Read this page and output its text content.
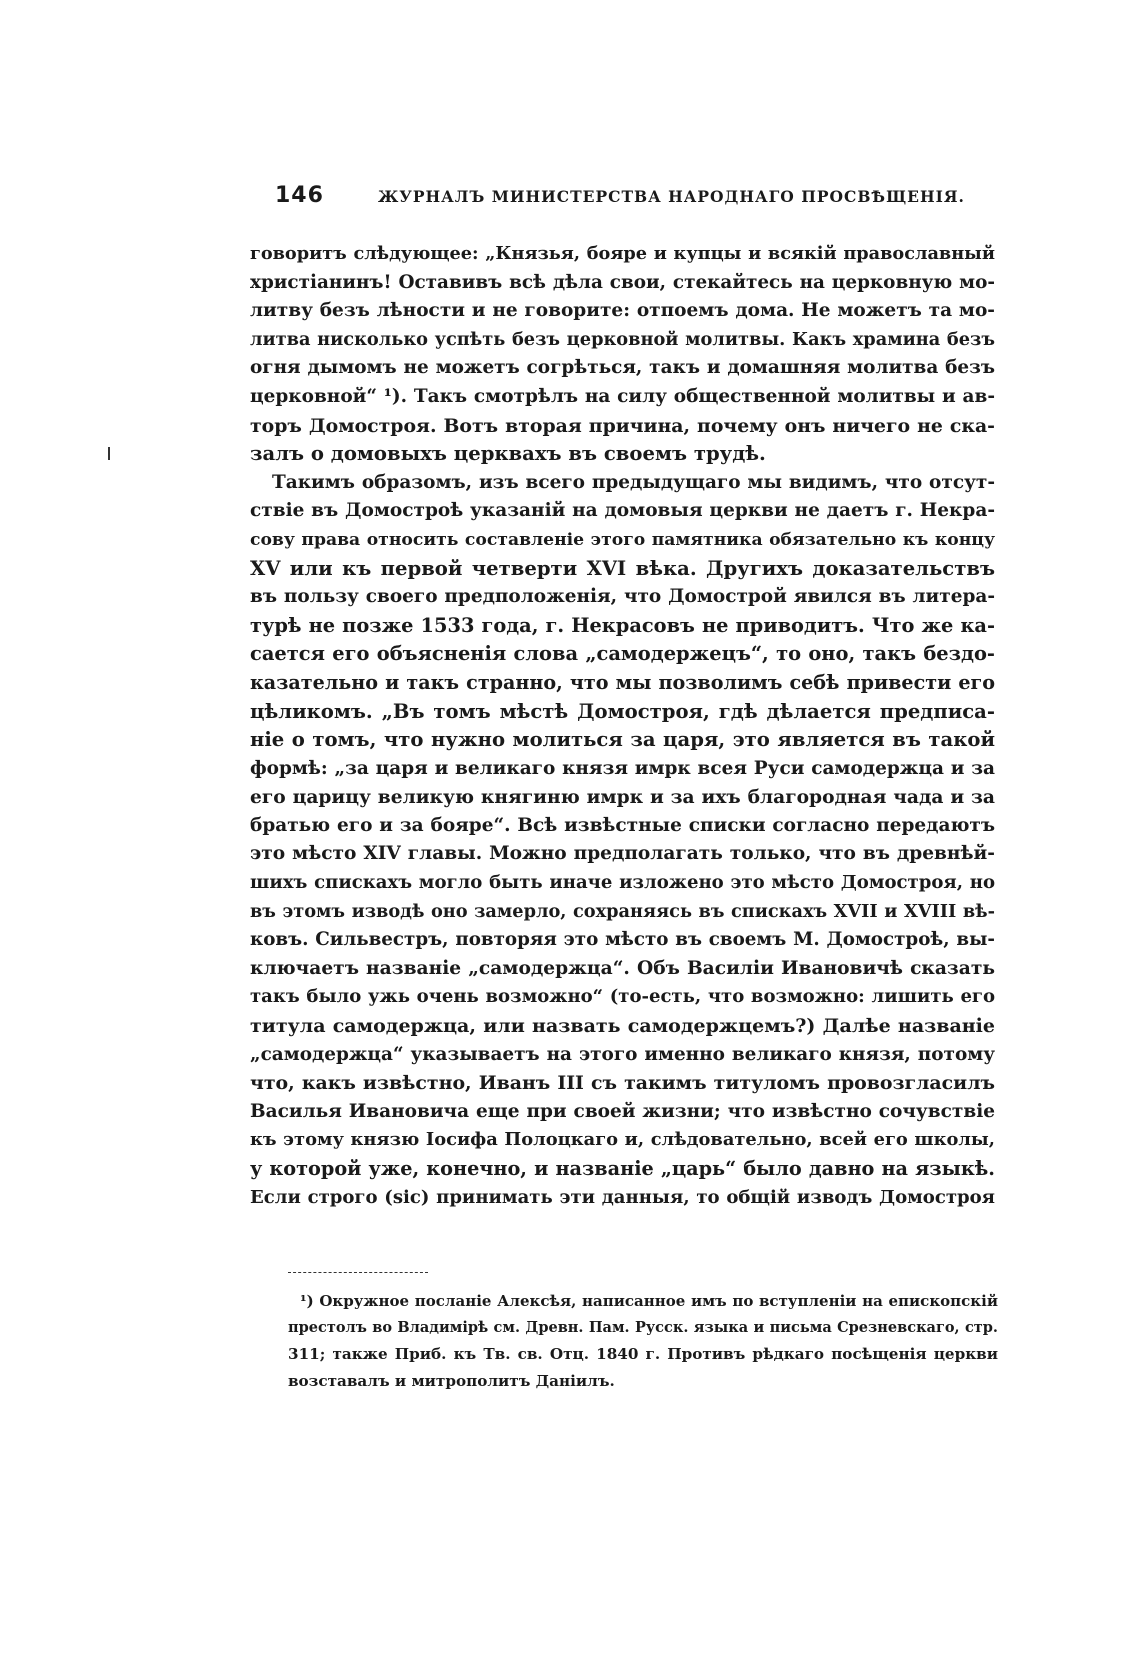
146	ЖУРНАЛЪ МИНИСТЕРСТВА НАРОДНАГО ПРОСВѢЩЕНІЯ.
говоритъ слѣдующее: „Князья, бояре и купцы и всякій православный
христіанинъ! Оставивъ всѣ дѣла свои, стекайтесь на церковную мо-
литву безъ лѣности и не говорите: отпоемъ дома. Не можетъ та мо-
литва нисколько успѣть безъ церковной молитвы. Какъ храмина безъ
огня дымомъ не можетъ согрѣться, такъ и домашняя молитва безъ
церковной“ ¹). Такъ смотрѣлъ на силу общественной молитвы и ав-
торъ Домостроя. Вотъ вторая причина, почему онъ ничего не ска-
залъ о домовыхъ церквахъ въ своемъ трудѣ.
Такимъ образомъ, изъ всего предыдущаго мы видимъ, что отсут-
ствіе въ Домостроѣ указаній на домовыя церкви не даетъ г. Некра-
сову права относить составленіе этого памятника обязательно къ концу
XV или къ первой четверти XVI вѣка. Другихъ доказательствъ
въ пользу своего предположенія, что Домострой явился въ литера-
турѣ не позже 1533 года, г. Некрасовъ не приводитъ. Что же ка-
сается его объясненія слова „самодержецъ“, то оно, такъ бездо-
казательно и такъ странно, что мы позволимъ себѣ привести его
цѣликомъ. „Въ томъ мѣстѣ Домостроя, гдѣ дѣлается предписа-
ніе о томъ, что нужно молиться за царя, это является въ такой
формѣ: „за царя и великаго князя имрк всея Руси самодержца и за
его царицу великую княгиню имрк и за ихъ благородная чада и за
братью его и за бояре“. Всѣ извѣстные списки согласно передаютъ
это мѣсто XIV главы. Можно предполагать только, что въ древнѣй-
шихъ спискахъ могло быть иначе изложено это мѣсто Домостроя, но
въ этомъ изводѣ оно замерло, сохраняясь въ спискахъ XVII и XVIII вѣ-
ковъ. Сильвестръ, повторяя это мѣсто въ своемъ М. Домостроѣ, вы-
ключаетъ названіе „самодержца“. Объ Василіи Ивановичѣ сказать
такъ было ужь очень возможно“ (то-есть, что возможно: лишить его
титула самодержца, или назвать самодержцемъ?) Далѣе названіе
„самодержца“ указываетъ на этого именно великаго князя, потому
что, какъ извѣстно, Иванъ III съ такимъ титуломъ провозгласилъ
Василья Ивановича еще при своей жизни; что извѣстно сочувствіе
къ этому князю Іосифа Полоцкаго и, слѣдовательно, всей его школы,
у которой уже, конечно, и названіе „царь“ было давно на языкѣ.
Если строго (sic) принимать эти данныя, то общій изводъ Домостроя
¹) Окружное посланіе Алексѣя, написанное имъ по вступленіи на епископскій
престолъ во Владимірѣ см. Древн. Пам. Русск. языка и письма Срезневскаго, стр.
311; также Приб. къ Тв. св. Отц. 1840 г. Противъ рѣдкаго посѣщенія церкви
возставалъ и митрополитъ Даніилъ.
